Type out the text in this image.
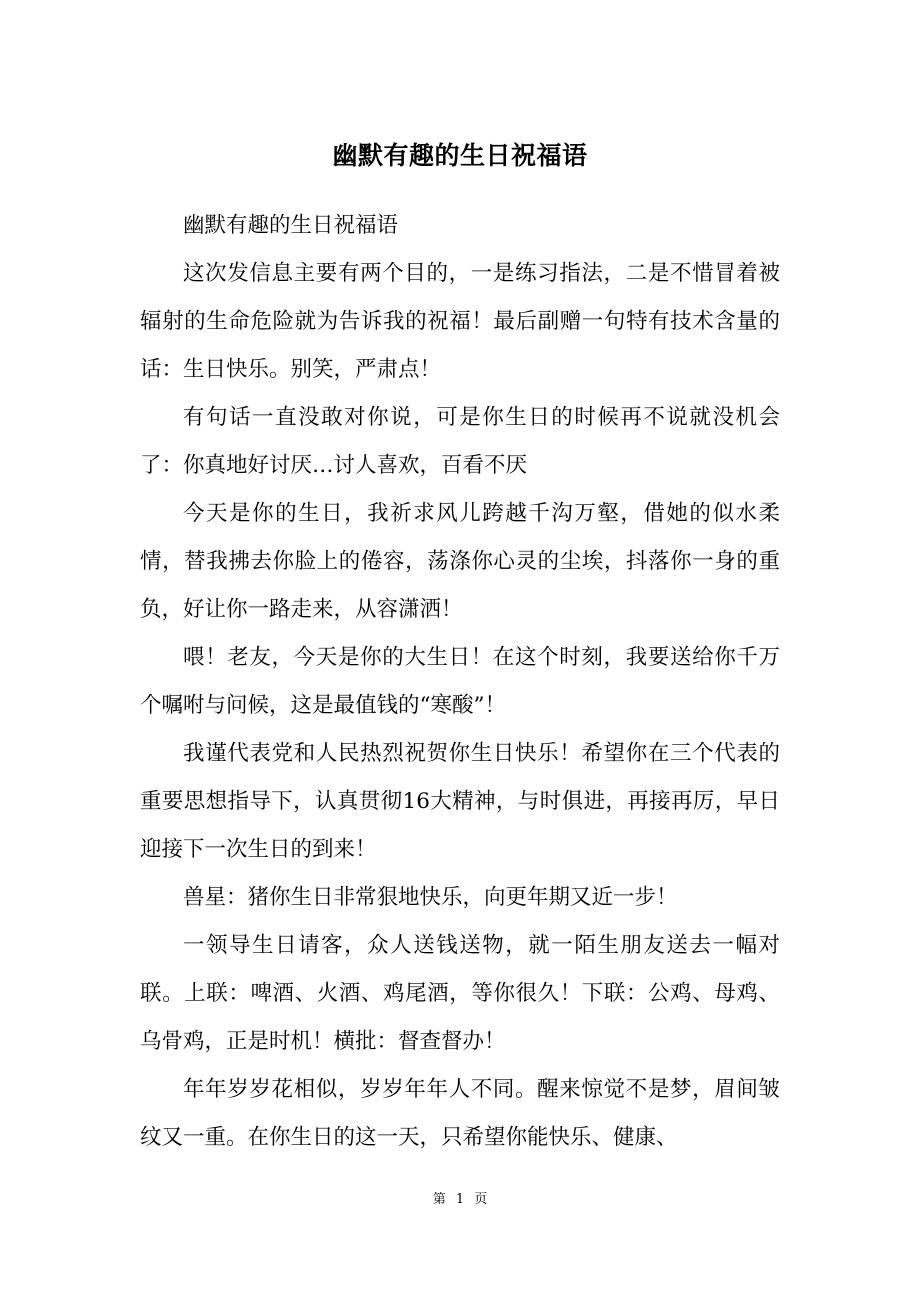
幽默有趣的生日祝福语

幽默有趣的生日祝福语

这次发信息主要有两个目的，一是练习指法，二是不惜冒着被辐射的生命危险就为告诉我的祝福！最后副赠一句特有技术含量的话：生日快乐。别笑，严肃点！

有句话一直没敢对你说，可是你生日的时候再不说就没机会了：你真地好讨厌…讨人喜欢，百看不厌

今天是你的生日，我祈求风儿跨越千沟万壑，借她的似水柔情，替我拂去你脸上的倦容，荡涤你心灵的尘埃，抖落你一身的重负，好让你一路走来，从容潇洒！

喂！老友，今天是你的大生日！在这个时刻，我要送给你千万个嘱咐与问候，这是最值钱的“寒酸”！

我谨代表党和人民热烈祝贺你生日快乐！希望你在三个代表的重要思想指导下，认真贯彻16大精神，与时俱进，再接再厉，早日迎接下一次生日的到来！

兽星：猪你生日非常狠地快乐，向更年期又近一步！

一领导生日请客，众人送钱送物，就一陌生朋友送去一幅对联。上联：啤酒、火酒、鸡尾酒，等你很久！下联：公鸡、母鸡、乌骨鸡，正是时机！横批：督查督办！

年年岁岁花相似，岁岁年年人不同。醒来惊觉不是梦，眉间皱纹又一重。在你生日的这一天，只希望你能快乐、健康、

第 1 页
